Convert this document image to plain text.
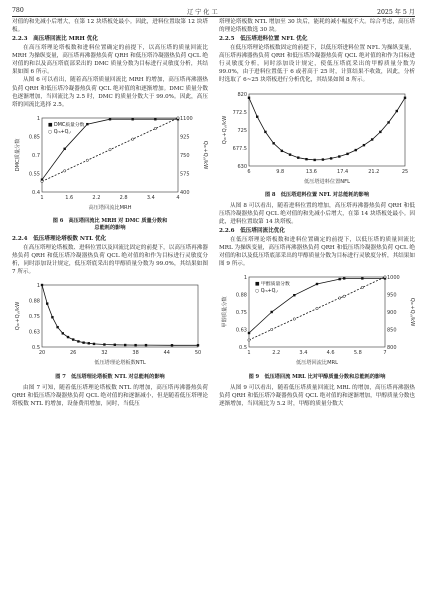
780	辽 宁 化 工	2025 年 5 月

对值的和先减小后增大，在第 12 块塔板处最小。因此，进料位置取第 12 块塔板。

2.2.3　高压塔回流比 MRH 优化

在高压塔理论塔板数和进料位置确定的前提下，以高压塔的质量回流比 MRH 为操纵变量，高压塔再沸器热负荷 QRH 和低压塔冷凝器热负荷 QCL 绝对值的和以及高压塔底部采出的 DMC 质量分数为目标进行灵敏度分析，其结果如图 6 所示。

从图 6 可以看出，随着高压塔质量回流比 MRH 的增加，高压塔再沸器热负荷 QRH 和低压塔冷凝器热负荷 QCL 绝对值的和逐渐增加。DMC 质量分数也逐渐增加，当回流比为 2.5 时，DMC 的质量分数大于 99.0%。因此，高压塔的回流比选择 2.5。

1	1.6	2.2	2.8	3.4	4
高压塔回流比MRH
0.4
0.55
0.7
0.85
1
DMC质量分数
400
575
750
925
1100
Qᵣₕ+Q꜀ₗ/kW
■ DMC质量分数
○ Qᵣₕ+Q꜀ₗ
图 6　高压塔回流比 MRH 对 DMC 质量分数和
总能耗的影响

2.2.4　低压塔理论塔板数 NTL 优化

在高压塔理论塔板数、进料位置以及回流比固定的前提下，以高压塔再沸器热负荷 QRH 和低压塔冷凝器热负荷 QCL 绝对值的和作为目标进行灵敏度分析，同时添加设计规定，低压塔底采出的甲醇质量分数为 99.0%，其结果如图 7 所示。

20	26	32	38	44	50
低压塔理论塔板数NTL
0.5
0.63
0.75
0.88
1
Qᵣₕ+Q꜀ₗ/kW
图 7　低压塔理论塔板数 NTL 对总能耗的影响

由图 7 可知，随着低压塔理论塔板数 NTL 的增加，高压塔再沸器热负荷 QRH 和低压塔冷凝器热负荷 QCL 绝对值的和逐渐减小，但是随着低压塔理论塔板数 NTL 的增加，设备费用增加，同时，当低压

塔理论塔板数 NTL 增加至 30 块后，能耗的减小幅度不大。综合考虑，高压塔的理论塔板数选 30 块。

2.2.5　低压塔进料位置 NFL 优化

在低压塔理论塔板数固定的前提下，以低压塔进料位置 NFL 为操纵变量，高压塔再沸器热负荷 QRH 和低压塔冷凝器热负荷 QCL 绝对值的和作为目标进行灵敏度分析，同时添加设计规定，使低压塔底采出的甲醇质量分数为 99.0%，由于进料位置低于 6 或者高于 25 时，计算结果不收敛，因此，分析时选取了 6~25 块塔板进行分析优化，其结果如图 8 所示。

6	9.8	13.6	17.4	21.2	25
低压塔进料位置NFL
630
677.5
725
772.5
820
Qᵣₕ+Q꜀ₗ/kW
图 8　低压塔进料位置 NFL 对总能耗的影响

从图 8 可以看出，随着进料位置的增加，高压塔再沸器热负荷 QRH 和低压塔冷凝器热负荷 QCL 绝对值的和先减小后增大，在第 14 块塔板处最小。因此，进料位置取第 14 块塔板。

2.2.6　低压塔回流比优化

在低压塔理论塔板数和进料位置确定的前提下，以低压塔的质量回流比 MRL 为操纵变量，高压塔再沸器热负荷 QRH 和低压塔冷凝器热负荷 QCL 绝对值的和以及低压塔底部采出的甲醇质量分数为目标进行灵敏度分析，其结果如图 9 所示。

1	2.2	3.4	4.6	5.8	7
低压塔回流比MRL
0.5
0.63
0.75
0.88
1
甲醇质量分数
800
850
900
950
1000
Qᵣₕ+Q꜀ₗ/kW
■ 甲醇质量分数
○ Qᵣₕ+Q꜀ₗ
图 9　低压塔回流 MRL 比对甲醇质量分数和总能耗的影响

从图 9 可以看出，随着低压塔质量回流比 MRL 的增加，高压塔再沸器热负荷 QRH 和低压塔冷凝器热负荷 QCL 绝对值的和逐渐增加，甲醇质量分数也逐渐增加，当回流比为 5.2 时，甲醇的质量分数大
